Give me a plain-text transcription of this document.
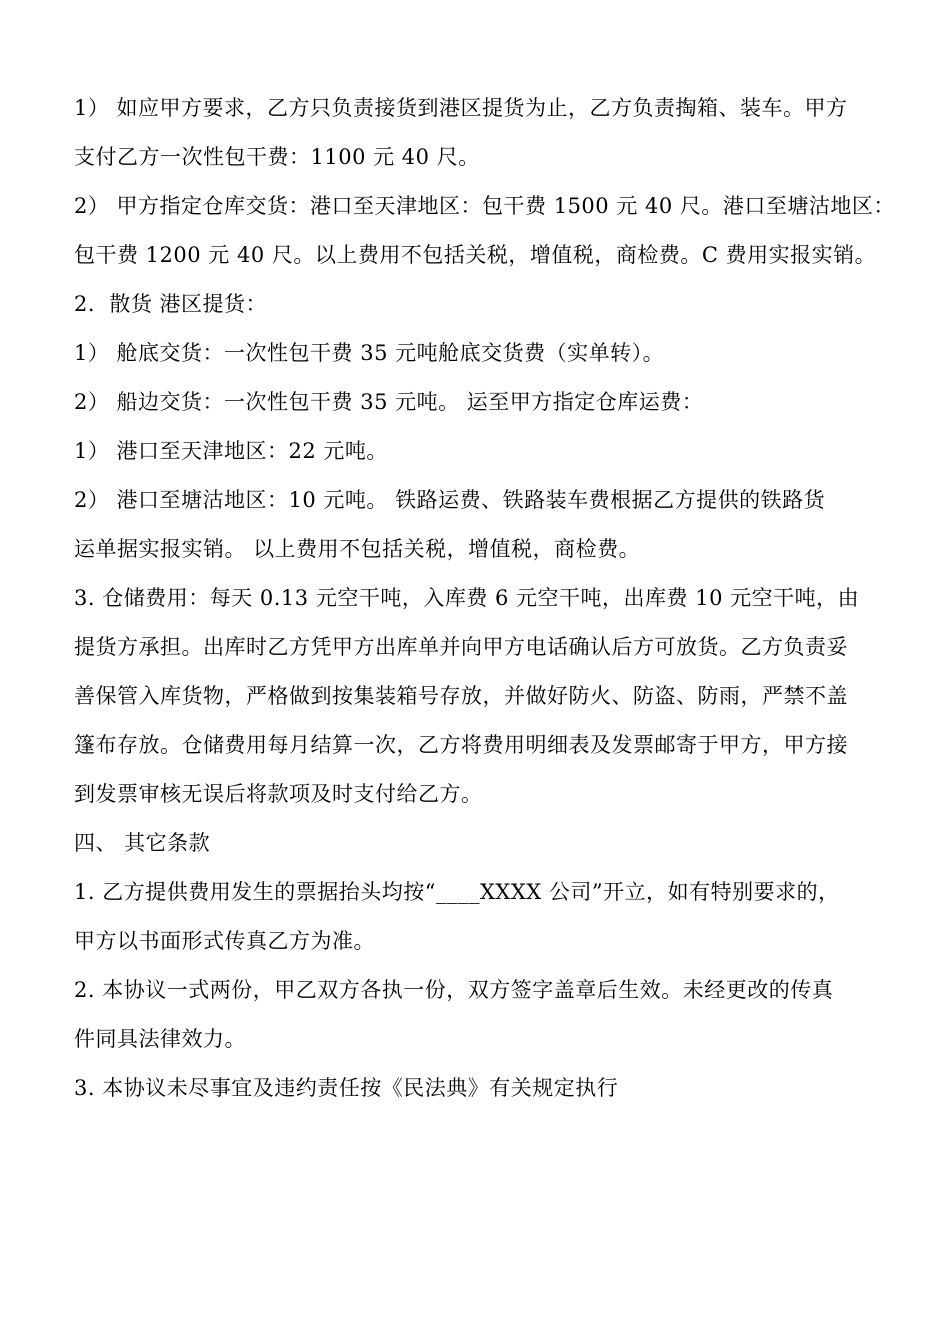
1） 如应甲方要求，乙方只负责接货到港区提货为止，乙方负责掏箱、装车。甲方
支付乙方一次性包干费：1100 元 40 尺。
2） 甲方指定仓库交货：港口至天津地区：包干费 1500 元 40 尺。港口至塘沽地区：
包干费 1200 元 40 尺。以上费用不包括关税，增值税，商检费。C 费用实报实销。
2．散货 港区提货：
1） 舱底交货：一次性包干费 35 元吨舱底交货费（实单转）。
2） 船边交货：一次性包干费 35 元吨。 运至甲方指定仓库运费：
1） 港口至天津地区：22 元吨。
2） 港口至塘沽地区：10 元吨。 铁路运费、铁路装车费根据乙方提供的铁路货
运单据实报实销。 以上费用不包括关税，增值税，商检费。
3. 仓储费用：每天 0.13 元空干吨，入库费 6 元空干吨，出库费 10 元空干吨，由
提货方承担。出库时乙方凭甲方出库单并向甲方电话确认后方可放货。乙方负责妥
善保管入库货物，严格做到按集装箱号存放，并做好防火、防盗、防雨，严禁不盖
篷布存放。仓储费用每月结算一次，乙方将费用明细表及发票邮寄于甲方，甲方接
到发票审核无误后将款项及时支付给乙方。
四、 其它条款
1. 乙方提供费用发生的票据抬头均按“____XXXX 公司”开立，如有特别要求的，
甲方以书面形式传真乙方为准。
2. 本协议一式两份，甲乙双方各执一份，双方签字盖章后生效。未经更改的传真
件同具法律效力。
3. 本协议未尽事宜及违约责任按《民法典》有关规定执行
